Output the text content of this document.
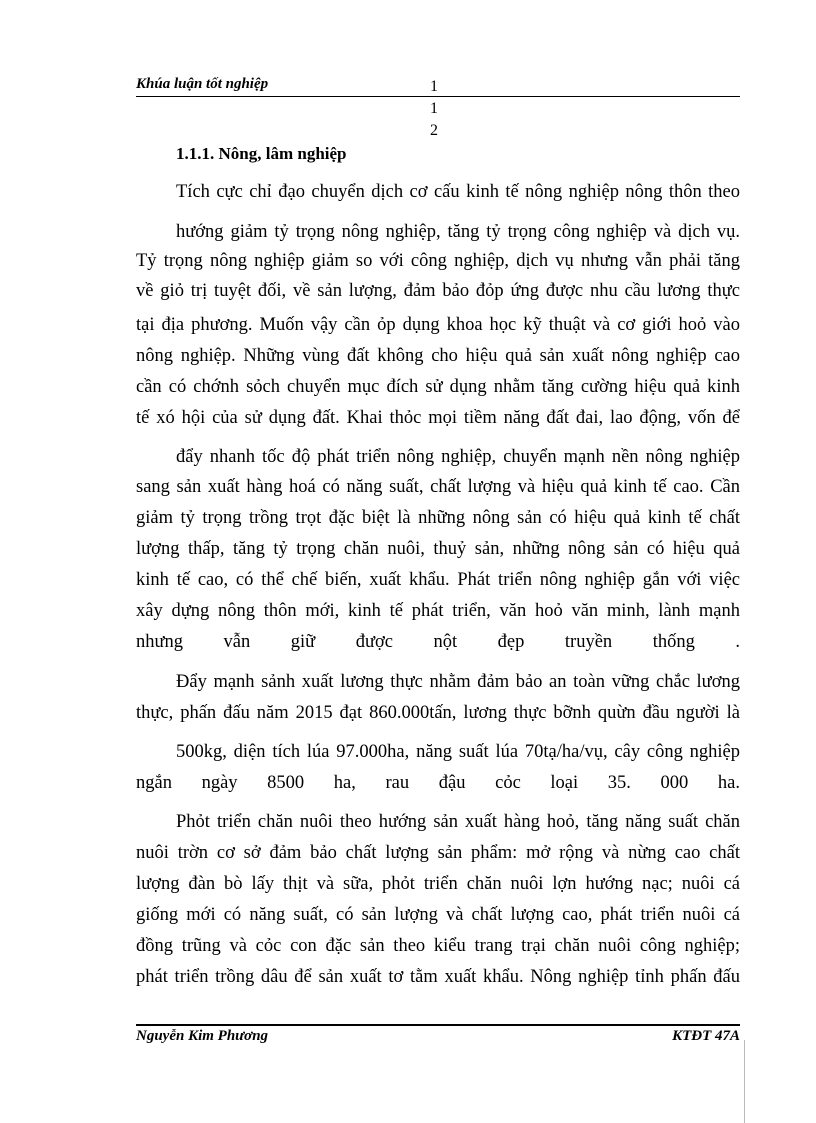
Khúa luận tốt nghiệp	1
1
2
1.1.1. Nông, lâm nghiệp
Tích cực chỉ đạo chuyển dịch cơ cấu kinh tế nông nghiệp nông thôn theo
hướng giảm tỷ trọng nông nghiệp, tăng tỷ trọng công nghiệp và dịch vụ.
Tỷ trọng nông nghiệp giảm so với công nghiệp, dịch vụ nhưng vẫn phải tăng
về giỏ trị tuyệt đối, về sản lượng, đảm bảo đỏp ứng được nhu cầu lương thực
tại địa phương. Muốn vậy cần ỏp dụng khoa học kỹ thuật và cơ giới hoỏ vào
nông nghiệp. Những vùng đất không cho hiệu quả sản xuất nông nghiệp cao
cần có chớnh sỏch chuyển mục đích sử dụng nhằm tăng cường hiệu quả kinh
tế xó hội của sử dụng đất. Khai thỏc mọi tiềm năng đất đai, lao động, vốn để
đẩy nhanh tốc độ phát triển nông nghiệp, chuyển mạnh nền nông nghiệp
sang sản xuất hàng hoá có năng suất, chất lượng và hiệu quả kinh tế cao. Cần
giảm tỷ trọng trồng trọt đặc biệt là những nông sản có hiệu quả kinh tế chất
lượng thấp, tăng tỷ trọng chăn nuôi, thuỷ sản, những nông sản có hiệu quả
kinh tế cao, có thể chế biến, xuất khẩu. Phát triển nông nghiệp gắn với việc
xây dựng nông thôn mới, kinh tế phát triển, văn hoỏ văn minh, lành mạnh
nhưng vẫn giữ được nột đẹp truyền thống .
Đẩy mạnh sảnh xuất lương thực nhằm đảm bảo an toàn vững chắc lương
thực, phấn đấu năm 2015 đạt 860.000tấn, lương thực bỡnh quừn đầu người là
500kg, diện tích lúa 97.000ha, năng suất lúa 70tạ/ha/vụ, cây công nghiệp
ngắn ngày 8500 ha, rau đậu cỏc loại 35. 000 ha.
Phỏt triển chăn nuôi theo hướng sản xuất hàng hoỏ, tăng năng suất chăn
nuôi trờn cơ sở đảm bảo chất lượng sản phẩm: mở rộng và nừng cao chất
lượng đàn bò lấy thịt và sữa, phỏt triển chăn nuôi lợn hướng nạc; nuôi cá
giống mới có năng suất, có sản lượng và chất lượng cao, phát triển nuôi cá
đồng trũng và cỏc con đặc sản theo kiểu trang trại chăn nuôi công nghiệp;
phát triển trồng dâu để sản xuất tơ tằm xuất khẩu. Nông nghiệp tỉnh phấn đấu
Nguyễn Kim Phương	KTĐT 47A
